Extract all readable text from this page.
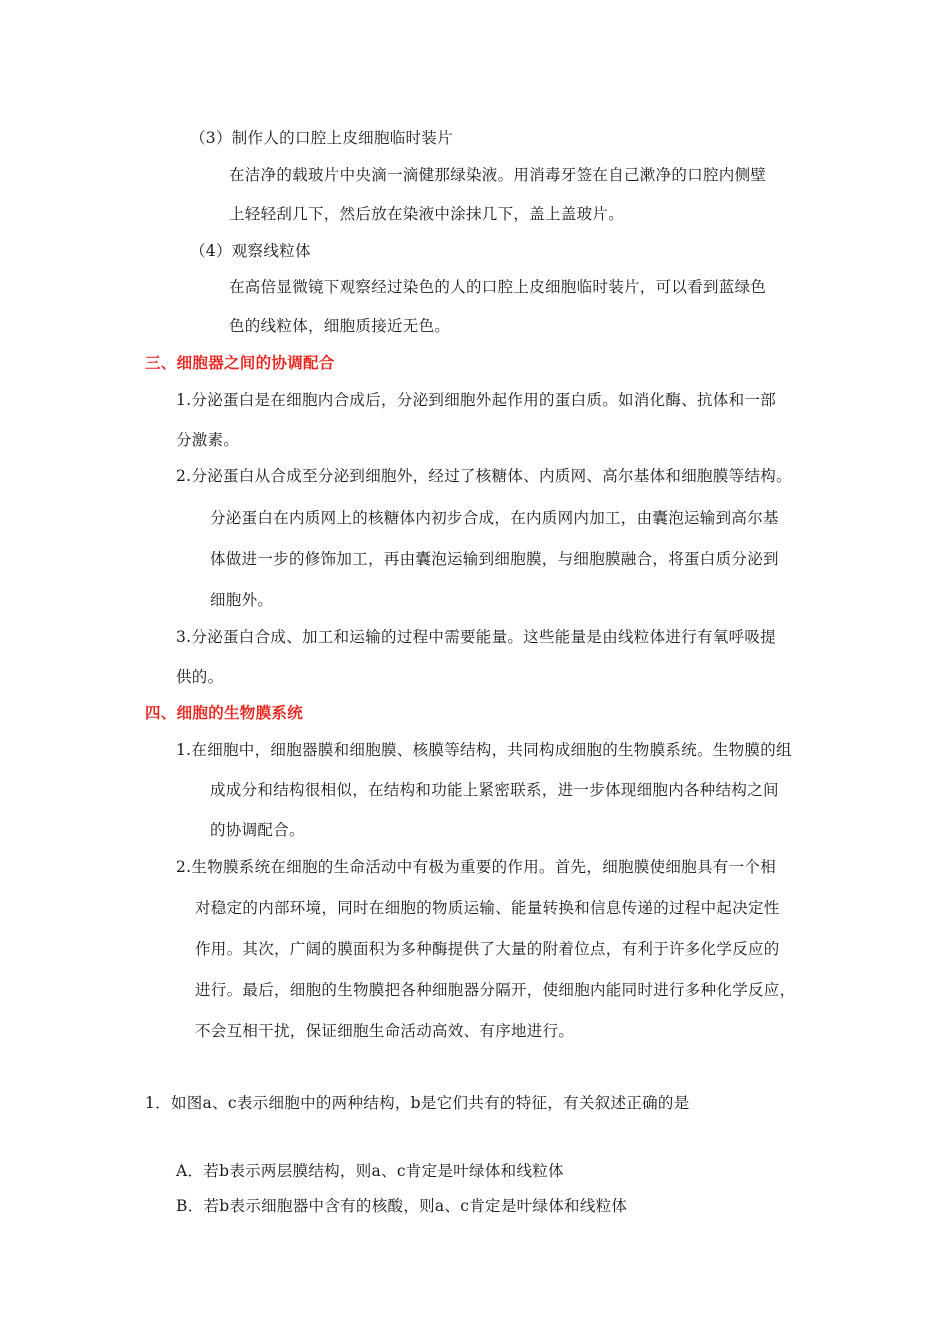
（3）制作人的口腔上皮细胞临时装片
在洁净的载玻片中央滴一滴健那绿染液。用消毒牙签在自己漱净的口腔内侧壁
上轻轻刮几下，然后放在染液中涂抹几下，盖上盖玻片。
（4）观察线粒体
在高倍显微镜下观察经过染色的人的口腔上皮细胞临时装片，可以看到蓝绿色
色的线粒体，细胞质接近无色。
三、细胞器之间的协调配合
1.分泌蛋白是在细胞内合成后，分泌到细胞外起作用的蛋白质。如消化酶、抗体和一部
分激素。
2.分泌蛋白从合成至分泌到细胞外，经过了核糖体、内质网、高尔基体和细胞膜等结构。
分泌蛋白在内质网上的核糖体内初步合成，在内质网内加工，由囊泡运输到高尔基
体做进一步的修饰加工，再由囊泡运输到细胞膜，与细胞膜融合，将蛋白质分泌到
细胞外。
3.分泌蛋白合成、加工和运输的过程中需要能量。这些能量是由线粒体进行有氧呼吸提
供的。
四、细胞的生物膜系统
1.在细胞中，细胞器膜和细胞膜、核膜等结构，共同构成细胞的生物膜系统。生物膜的组
成成分和结构很相似，在结构和功能上紧密联系，进一步体现细胞内各种结构之间
的协调配合。
2.生物膜系统在细胞的生命活动中有极为重要的作用。首先，细胞膜使细胞具有一个相
对稳定的内部环境，同时在细胞的物质运输、能量转换和信息传递的过程中起决定性
作用。其次，广阔的膜面积为多种酶提供了大量的附着位点，有利于许多化学反应的
进行。最后，细胞的生物膜把各种细胞器分隔开，使细胞内能同时进行多种化学反应，
不会互相干扰，保证细胞生命活动高效、有序地进行。
1．如图a、c表示细胞中的两种结构，b是它们共有的特征，有关叙述正确的是
A．若b表示两层膜结构，则a、c肯定是叶绿体和线粒体
B．若b表示细胞器中含有的核酸，则a、c肯定是叶绿体和线粒体
